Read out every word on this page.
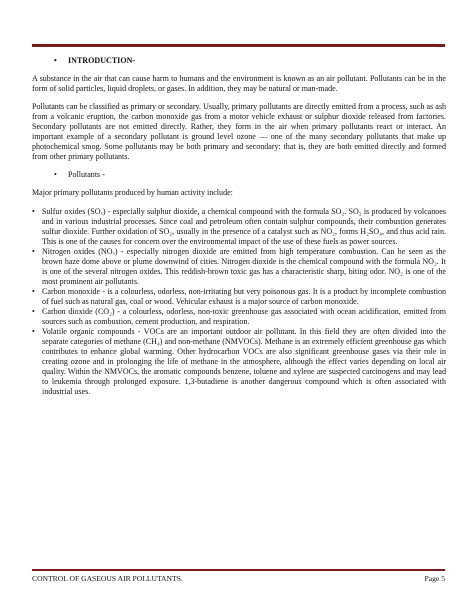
•	INTRODUCTION-

A substance in the air that can cause harm to humans and the environment is known as an air pollutant. Pollutants can be in the form of solid particles, liquid droplets, or gases. In addition, they may be natural or man-made.

Pollutants can be classified as primary or secondary. Usually, primary pollutants are directly emitted from a process, such as ash from a volcanic eruption, the carbon monoxide gas from a motor vehicle exhaust or sulphur dioxide released from factories. Secondary pollutants are not emitted directly. Rather, they form in the air when primary pollutants react or interact. An important example of a secondary pollutant is ground level ozone — one of the many secondary pollutants that make up photochemical smog. Some pollutants may be both primary and secondary: that is, they are both emitted directly and formed from other primary pollutants.

•	Pollutants -

Major primary pollutants produced by human activity include:

• Sulfur oxides (SOₓ) - especially sulphur dioxide, a chemical compound with the formula SO₂. SO₂ is produced by volcanoes and in various industrial processes. Since coal and petroleum often contain sulphur compounds, their combustion generates sulfur dioxide. Further oxidation of SO₂, usually in the presence of a catalyst such as NO₂, forms H₂SO₄, and thus acid rain. This is one of the causes for concern over the environmental impact of the use of these fuels as power sources.
• Nitrogen oxides (NOₓ) - especially nitrogen dioxide are emitted from high temperature combustion. Can be seen as the brown haze dome above or plume downwind of cities. Nitrogen dioxide is the chemical compound with the formula NO₂. It is one of the several nitrogen oxides. This reddish-brown toxic gas has a characteristic sharp, biting odor. NO₂ is one of the most prominent air pollutants.
• Carbon monoxide - is a colourless, odorless, non-irritating but very poisonous gas. It is a product by incomplete combustion of fuel such as natural gas, coal or wood. Vehicular exhaust is a major source of carbon monoxide.
• Carbon dioxide (CO₂) - a colourless, odorless, non-toxic greenhouse gas associated with ocean acidification, emitted from sources such as combustion, cement production, and respiration.
• Volatile organic compounds - VOCs are an important outdoor air pollutant. In this field they are often divided into the separate categories of methane (CH₄) and non-methane (NMVOCs). Methane is an extremely efficient greenhouse gas which contributes to enhance global warming. Other hydrocarbon VOCs are also significant greenhouse gases via their role in creating ozone and in prolonging the life of methane in the atmosphere, although the effect varies depending on local air quality. Within the NMVOCs, the aromatic compounds benzene, toluene and xylene are suspected carcinogens and may lead to leukemia through prolonged exposure. 1,3-butadiene is another dangerous compound which is often associated with industrial uses.
CONTROL OF GASEOUS AIR POLLUTANTS.	Page 5
